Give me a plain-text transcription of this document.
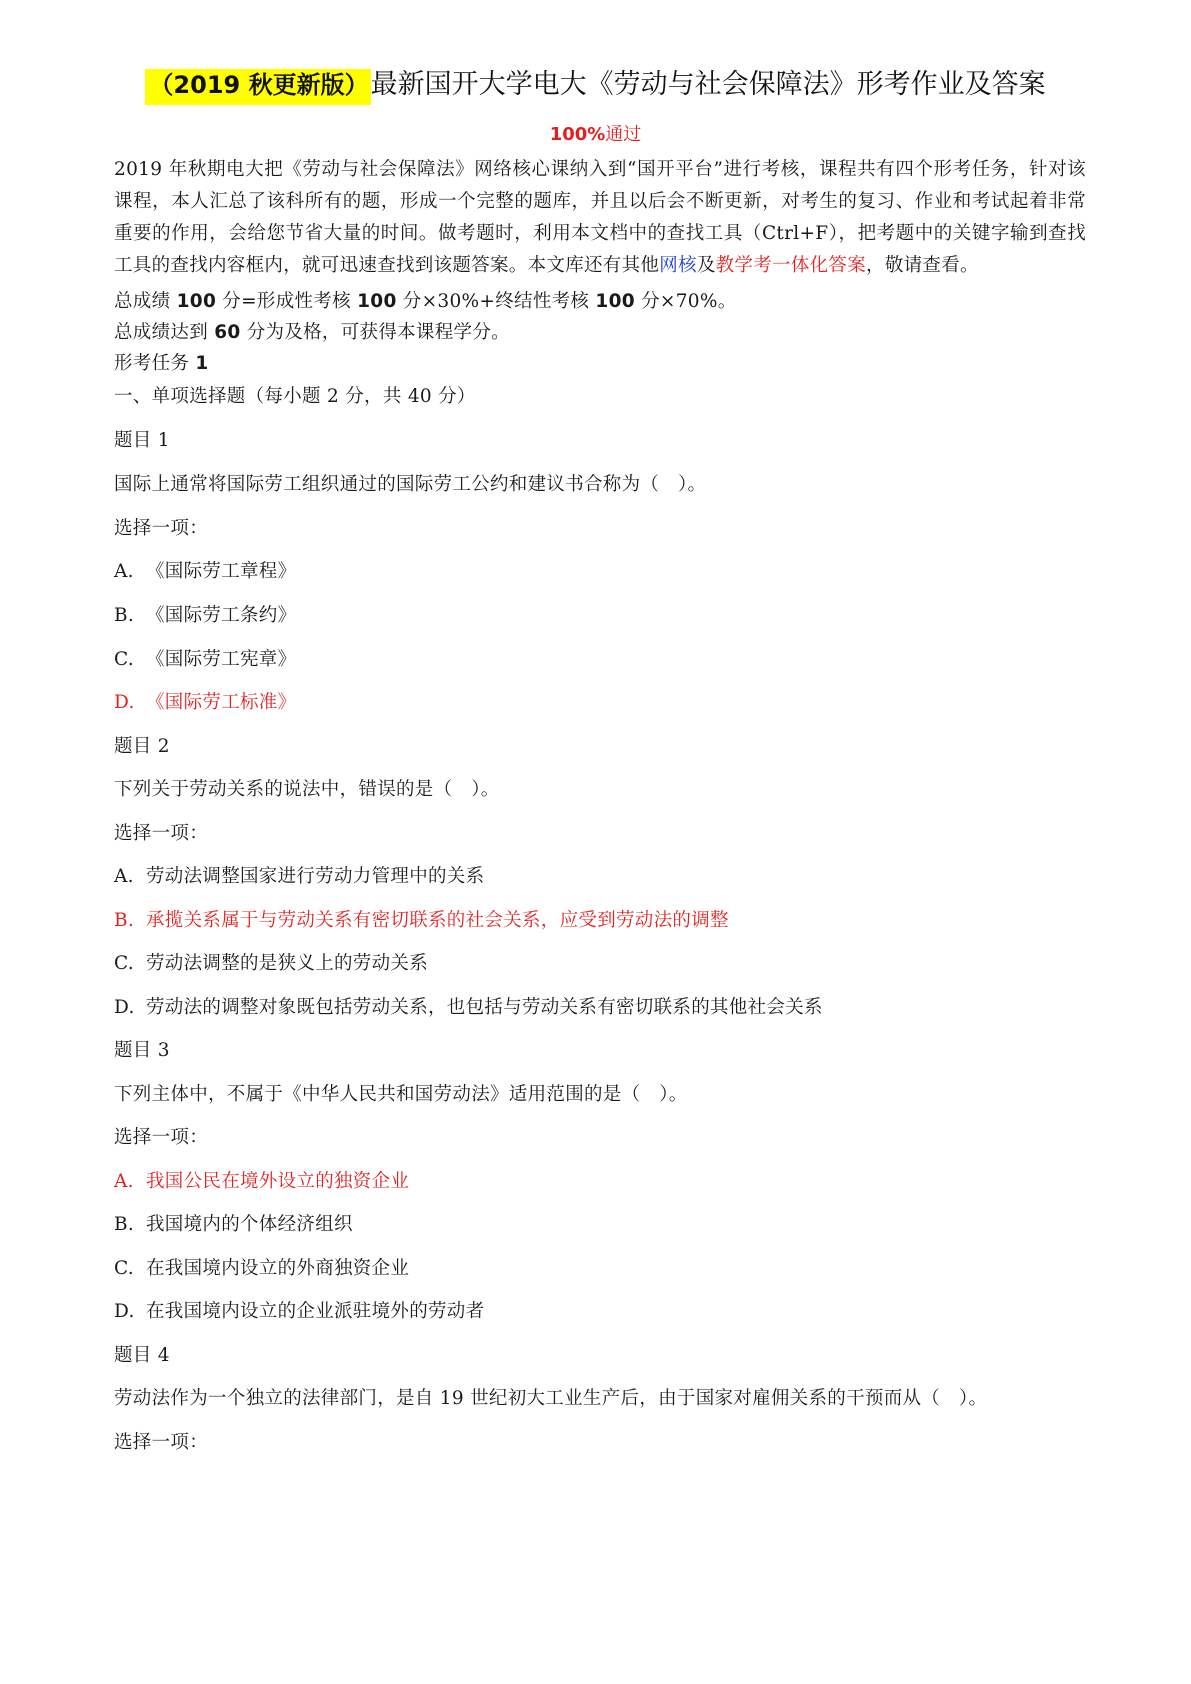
（2019 秋更新版）最新国开大学电大《劳动与社会保障法》形考作业及答案
100%通过
2019 年秋期电大把《劳动与社会保障法》网络核心课纳入到“国开平台”进行考核，课程共有四个形考任务，针对该课程，本人汇总了该科所有的题，形成一个完整的题库，并且以后会不断更新，对考生的复习、作业和考试起着非常重要的作用，会给您节省大量的时间。做考题时，利用本文档中的查找工具（Ctrl+F），把考题中的关键字输到查找工具的查找内容框内，就可迅速查找到该题答案。本文库还有其他网核及教学考一体化答案，敬请查看。
总成绩 100 分=形成性考核 100 分×30%+终结性考核 100 分×70%。
总成绩达到 60 分为及格，可获得本课程学分。
形考任务 1
一、单项选择题（每小题 2 分，共 40 分）
题目 1
国际上通常将国际劳工组织通过的国际劳工公约和建议书合称为（　）。
选择一项：
A. 《国际劳工章程》
B. 《国际劳工条约》
C. 《国际劳工宪章》
D. 《国际劳工标准》
题目 2
下列关于劳动关系的说法中，错误的是（　）。
选择一项：
A. 劳动法调整国家进行劳动力管理中的关系
B. 承揽关系属于与劳动关系有密切联系的社会关系，应受到劳动法的调整
C. 劳动法调整的是狭义上的劳动关系
D. 劳动法的调整对象既包括劳动关系，也包括与劳动关系有密切联系的其他社会关系
题目 3
下列主体中，不属于《中华人民共和国劳动法》适用范围的是（　）。
选择一项：
A. 我国公民在境外设立的独资企业
B. 我国境内的个体经济组织
C. 在我国境内设立的外商独资企业
D. 在我国境内设立的企业派驻境外的劳动者
题目 4
劳动法作为一个独立的法律部门，是自 19 世纪初大工业生产后，由于国家对雇佣关系的干预而从（　）。
选择一项：
